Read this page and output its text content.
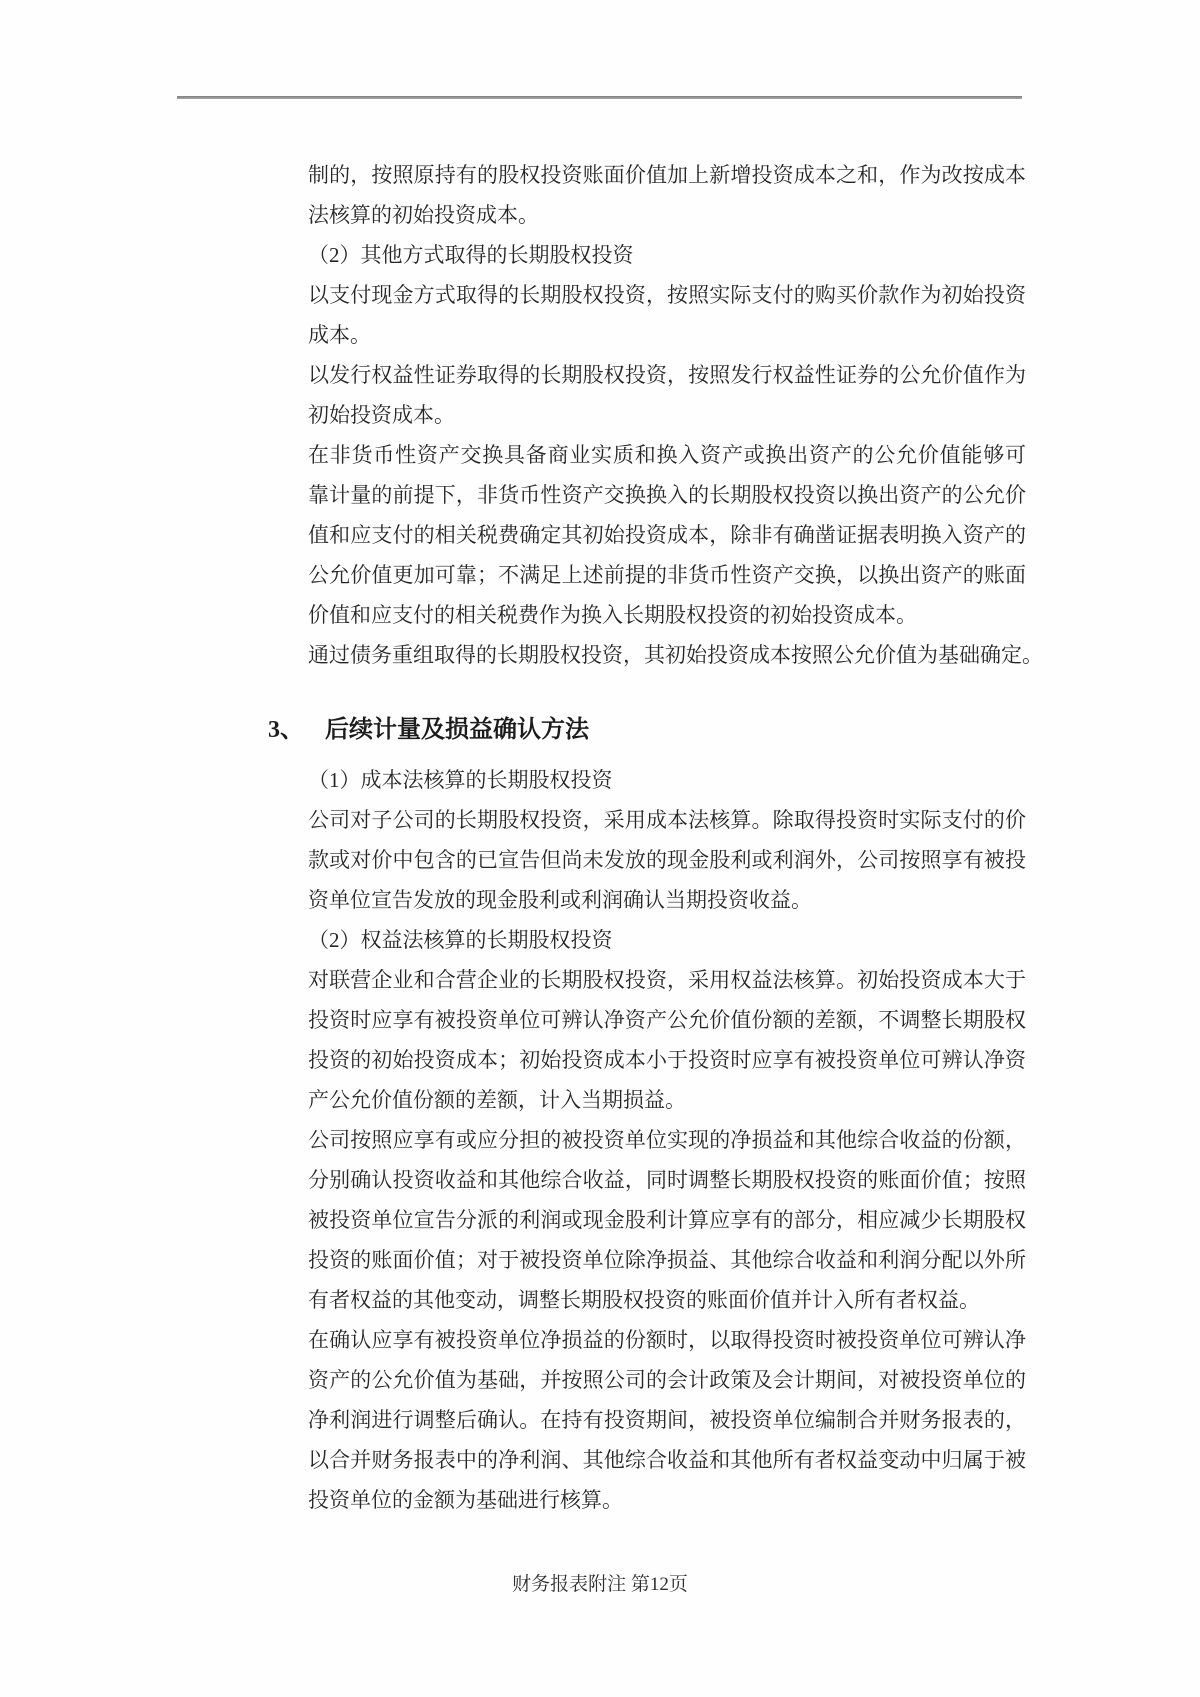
制的，按照原持有的股权投资账面价值加上新增投资成本之和，作为改按成本
法核算的初始投资成本。
（2）其他方式取得的长期股权投资
以支付现金方式取得的长期股权投资，按照实际支付的购买价款作为初始投资
成本。
以发行权益性证券取得的长期股权投资，按照发行权益性证券的公允价值作为
初始投资成本。
在非货币性资产交换具备商业实质和换入资产或换出资产的公允价值能够可
靠计量的前提下，非货币性资产交换换入的长期股权投资以换出资产的公允价
值和应支付的相关税费确定其初始投资成本，除非有确凿证据表明换入资产的
公允价值更加可靠；不满足上述前提的非货币性资产交换，以换出资产的账面
价值和应支付的相关税费作为换入长期股权投资的初始投资成本。
通过债务重组取得的长期股权投资，其初始投资成本按照公允价值为基础确定。
3、 后续计量及损益确认方法
（1）成本法核算的长期股权投资
公司对子公司的长期股权投资，采用成本法核算。除取得投资时实际支付的价
款或对价中包含的已宣告但尚未发放的现金股利或利润外，公司按照享有被投
资单位宣告发放的现金股利或利润确认当期投资收益。
（2）权益法核算的长期股权投资
对联营企业和合营企业的长期股权投资，采用权益法核算。初始投资成本大于
投资时应享有被投资单位可辨认净资产公允价值份额的差额，不调整长期股权
投资的初始投资成本；初始投资成本小于投资时应享有被投资单位可辨认净资
产公允价值份额的差额，计入当期损益。
公司按照应享有或应分担的被投资单位实现的净损益和其他综合收益的份额，
分别确认投资收益和其他综合收益，同时调整长期股权投资的账面价值；按照
被投资单位宣告分派的利润或现金股利计算应享有的部分，相应减少长期股权
投资的账面价值；对于被投资单位除净损益、其他综合收益和利润分配以外所
有者权益的其他变动，调整长期股权投资的账面价值并计入所有者权益。
在确认应享有被投资单位净损益的份额时，以取得投资时被投资单位可辨认净
资产的公允价值为基础，并按照公司的会计政策及会计期间，对被投资单位的
净利润进行调整后确认。在持有投资期间，被投资单位编制合并财务报表的，
以合并财务报表中的净利润、其他综合收益和其他所有者权益变动中归属于被
投资单位的金额为基础进行核算。
财务报表附注 第12页
